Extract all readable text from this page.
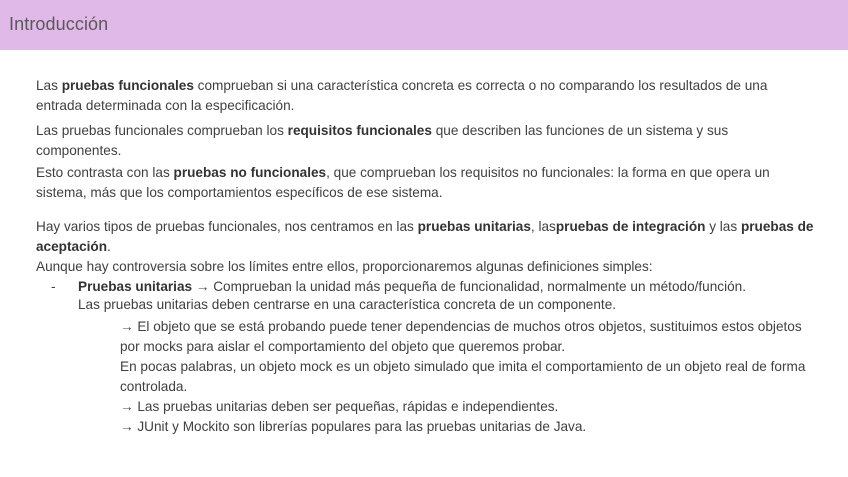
Introducción

Las pruebas funcionales comprueban si una característica concreta es correcta o no comparando los resultados de una entrada determinada con la especificación.

Las pruebas funcionales comprueban los requisitos funcionales que describen las funciones de un sistema y sus componentes.

Esto contrasta con las pruebas no funcionales, que comprueban los requisitos no funcionales: la forma en que opera un sistema, más que los comportamientos específicos de ese sistema.

Hay varios tipos de pruebas funcionales, nos centramos en las pruebas unitarias, laspruebas de integración y las pruebas de aceptación.

Aunque hay controversia sobre los límites entre ellos, proporcionaremos algunas definiciones simples:

- Pruebas unitarias → Comprueban la unidad más pequeña de funcionalidad, normalmente un método/función.
Las pruebas unitarias deben centrarse en una característica concreta de un componente.
→ El objeto que se está probando puede tener dependencias de muchos otros objetos, sustituimos estos objetos por mocks para aislar el comportamiento del objeto que queremos probar.
En pocas palabras, un objeto mock es un objeto simulado que imita el comportamiento de un objeto real de forma controlada.
→ Las pruebas unitarias deben ser pequeñas, rápidas e independientes.
→ JUnit y Mockito son librerías populares para las pruebas unitarias de Java.
